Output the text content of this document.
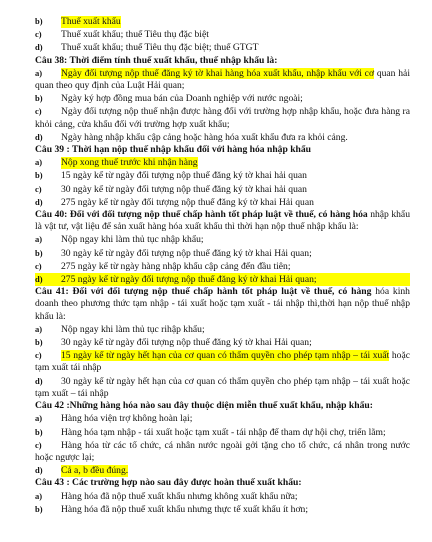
b)	Thuế xuất khẩu
c)	Thuế xuất khẩu; thuế Tiêu thụ đặc biệt
d)	Thuế xuất khẩu; thuế Tiêu thụ đặc biệt; thuế GTGT
Câu 38: Thời điểm tính thuế xuất khẩu, thuế nhập khẩu là:
a) Ngày đối tượng nộp thuế đăng ký tờ khai hàng hóa xuất khẩu, nhập khẩu với cơ quan hải quan theo quy định của Luật Hải quan;
b)	Ngày ký hợp đồng mua bán của Doanh nghiệp với nước ngoài;
c) Ngày đối tượng nộp thuế nhận được hàng đối với trường hợp nhập khẩu, hoặc đưa hàng ra khỏi cảng, cửa khẩu đối với trường hợp xuất khẩu;
d)	Ngày hàng nhập khẩu cập cảng hoặc hàng hóa xuất khẩu đưa ra khỏi cảng.
Câu 39 : Thời hạn nộp thuế nhập khẩu đối với hàng hóa nhập khẩu
a)	Nộp xong thuế trước khi nhận hàng
b)	15 ngày kể từ ngày đối tượng nộp thuế đăng ký tờ khai hải quan
c)	30 ngày kể từ ngày đối tượng nộp thuế đăng ký tờ khai hải quan
d)	275 ngày kể từ ngày đối tượng nộp thuế đăng ký tờ khai Hải quan
Câu 40: Đối với đối tượng nộp thuế chấp hành tốt pháp luật về thuế, có hàng hóa nhập khẩu là vật tư, vật liệu để sản xuất hàng hóa xuất khẩu thì thời hạn nộp thuế nhập khẩu là:
a)	Nộp ngay khi làm thủ tục nhập khẩu;
b)	30 ngày kể từ ngày đối tượng nộp thuế đăng ký tờ khai Hải quan;
c)	275 ngày kể từ ngày hàng nhập khẩu cập cảng đến đầu tiên;
d)	275 ngày kể từ ngày đối tượng nộp thuế đăng ký tờ khai Hải quan;
Câu 41: Đối với đối tượng nộp thuế chấp hành tốt pháp luật về thuế, có hàng hóa kinh doanh theo phương thức tạm nhập - tái xuất hoặc tạm xuất - tái nhập thì,thời hạn nộp thuế nhập khẩu là:
a)	Nộp ngay khi làm thủ tục rihập khẩu;
b)	30 ngày kể từ ngày đối tượng nộp thuế đăng ký tờ khai Hải quan;
c) 15 ngày kể từ ngày hết hạn của cơ quan có thẩm quyền cho phép tạm nhập – tái xuất hoặc tạm xuất tái nhập
d) 30 ngày kể từ ngày hết hạn của cơ quan có thẩm quyền cho phép tạm nhập – tái xuất hoặc tạm xuất – tái nhập
Câu 42 :Những hàng hóa nào sau đây thuộc diện miễn thuế xuất khẩu, nhập khẩu:
a)	Hàng hóa viện trợ không hoàn lại;
b)	Hàng hóa tạm nhập - tái xuất hoặc tạm xuất - tái nhập để tham dự hội chợ, triển lãm;
c) Hàng hóa từ các tổ chức, cá nhân nước ngoài gởi tặng cho tổ chức, cá nhân trong nước hoặc ngược lại;
d)	Cả a, b đều đúng.
Câu 43 : Các trường hợp nào sau đây được hoàn thuế xuất khẩu:
a)	Hàng hóa đã nộp thuế xuất khẩu nhưng không xuất khẩu nữa;
b)	Hàng hóa đã nộp thuế xuất khẩu nhưng thực tế xuất khẩu ít hơn;
